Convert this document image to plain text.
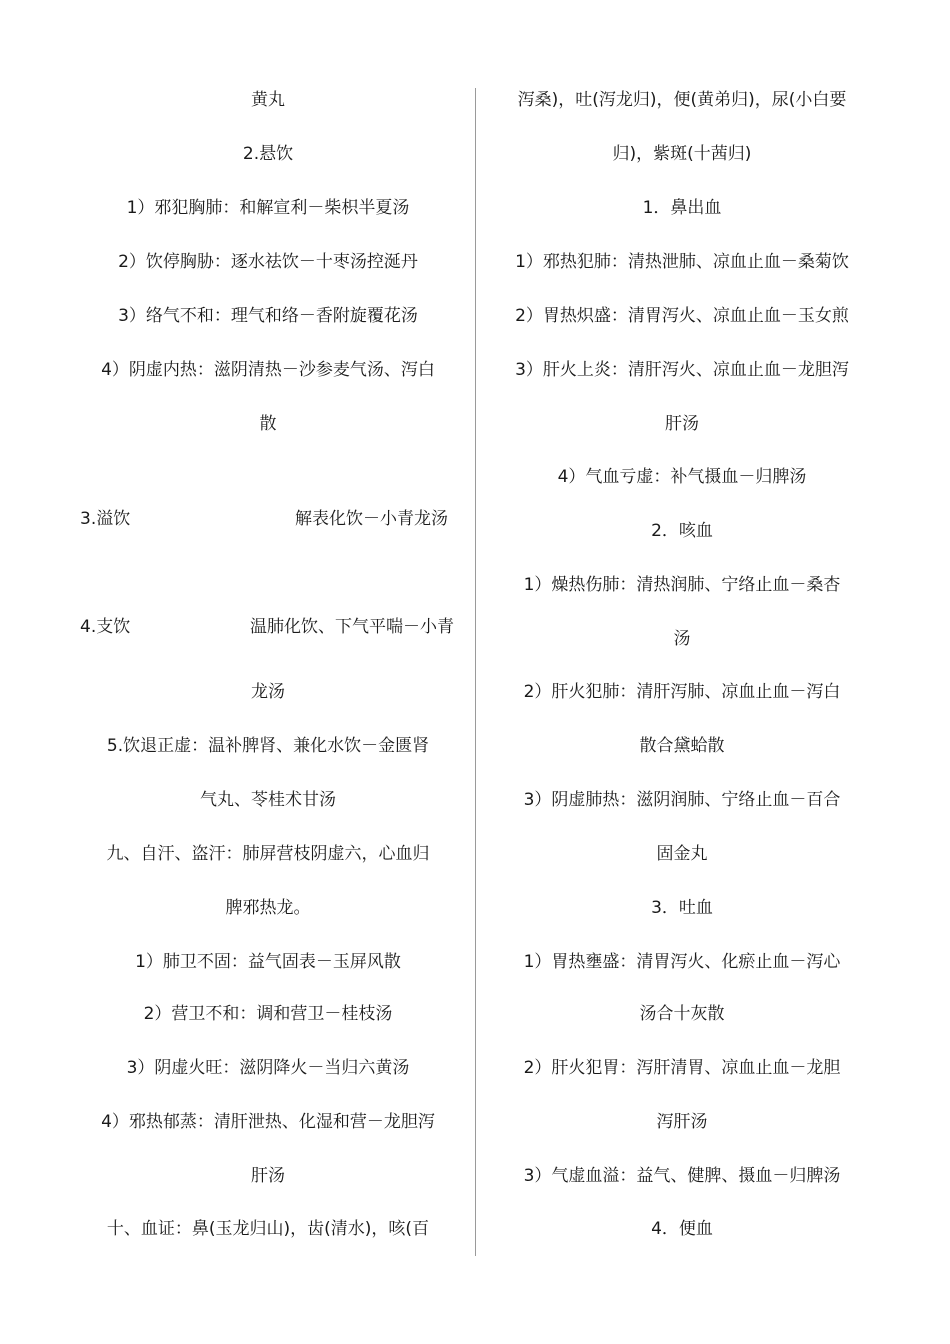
黄丸
2.悬饮
1）邪犯胸肺：和解宣利－柴枳半夏汤
2）饮停胸胁：逐水祛饮－十枣汤控涎丹
3）络气不和：理气和络－香附旋覆花汤
4）阴虚内热：滋阴清热－沙参麦气汤、泻白
散
3.溢饮	解表化饮－小青龙汤
4.支饮	温肺化饮、下气平喘－小青
龙汤
5.饮退正虚：温补脾肾、兼化水饮－金匮肾
气丸、苓桂术甘汤
九、自汗、盗汗：肺屏营枝阴虚六，心血归
脾邪热龙。
1）肺卫不固：益气固表－玉屏风散
2）营卫不和：调和营卫－桂枝汤
3）阴虚火旺：滋阴降火－当归六黄汤
4）邪热郁蒸：清肝泄热、化湿和营－龙胆泻
肝汤
十、血证：鼻(玉龙归山)，齿(清水)，咳(百
泻桑)，吐(泻龙归)，便(黄弟归)，尿(小白要
归)，紫斑(十茜归)
1．鼻出血
1）邪热犯肺：清热泄肺、凉血止血－桑菊饮
2）胃热炽盛：清胃泻火、凉血止血－玉女煎
3）肝火上炎：清肝泻火、凉血止血－龙胆泻
肝汤
4）气血亏虚：补气摄血－归脾汤
2．咳血
1）燥热伤肺：清热润肺、宁络止血－桑杏
汤
2）肝火犯肺：清肝泻肺、凉血止血－泻白
散合黛蛤散
3）阴虚肺热：滋阴润肺、宁络止血－百合
固金丸
3．吐血
1）胃热壅盛：清胃泻火、化瘀止血－泻心
汤合十灰散
2）肝火犯胃：泻肝清胃、凉血止血－龙胆
泻肝汤
3）气虚血溢：益气、健脾、摄血－归脾汤
4．便血
